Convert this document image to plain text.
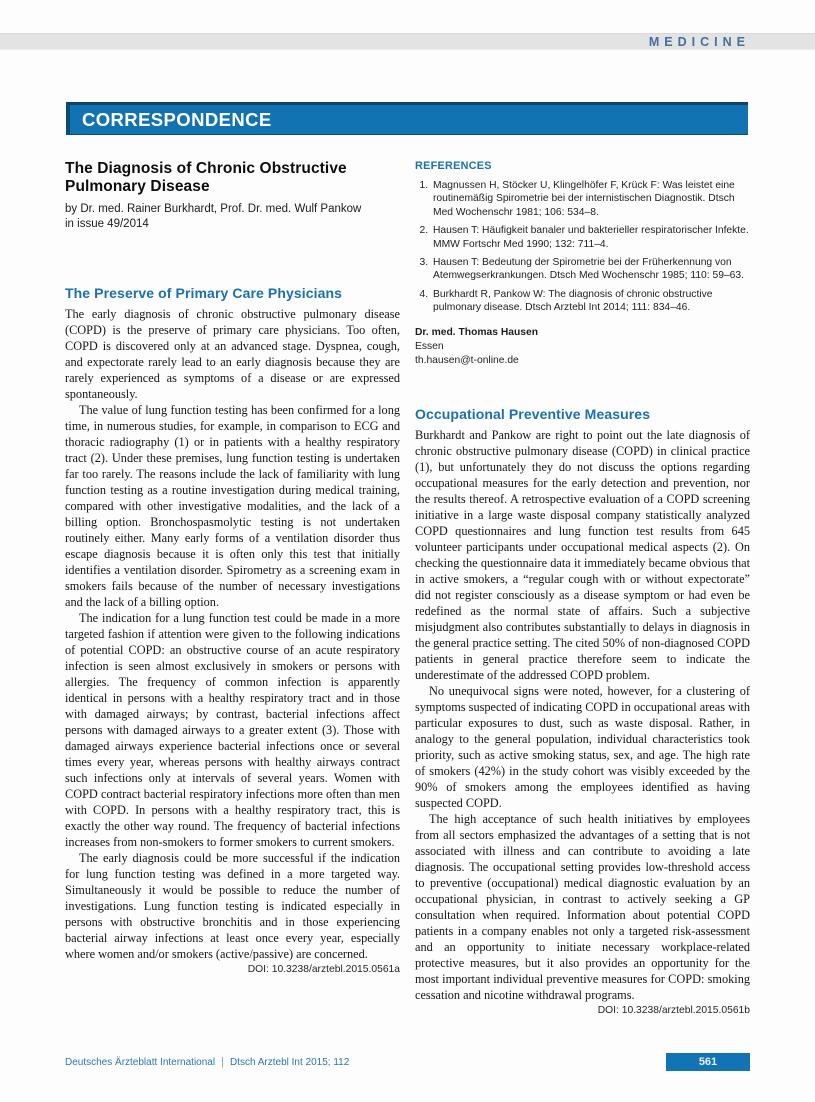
MEDICINE
CORRESPONDENCE
The Diagnosis of Chronic Obstructive Pulmonary Disease
by Dr. med. Rainer Burkhardt, Prof. Dr. med. Wulf Pankow
in issue 49/2014
The Preserve of Primary Care Physicians

The early diagnosis of chronic obstructive pulmonary disease (COPD) is the preserve of primary care physicians. Too often, COPD is discovered only at an advanced stage. Dyspnea, cough, and expectorate rarely lead to an early diagnosis because they are rarely experienced as symptoms of a disease or are expressed spontaneously.

The value of lung function testing has been confirmed for a long time, in numerous studies, for example, in comparison to ECG and thoracic radiography (1) or in patients with a healthy respiratory tract (2). Under these premises, lung function testing is undertaken far too rarely. The reasons include the lack of familiarity with lung function testing as a routine investigation during medical training, compared with other investigative modalities, and the lack of a billing option. Bronchospasmolytic testing is not undertaken routinely either. Many early forms of a ventilation disorder thus escape diagnosis because it is often only this test that initially identifies a ventilation disorder. Spirometry as a screening exam in smokers fails because of the number of necessary investigations and the lack of a billing option.

The indication for a lung function test could be made in a more targeted fashion if attention were given to the following indications of potential COPD: an obstructive course of an acute respiratory infection is seen almost exclusively in smokers or persons with allergies. The frequency of common infection is apparently identical in persons with a healthy respiratory tract and in those with damaged airways; by contrast, bacterial infections affect persons with damaged airways to a greater extent (3). Those with damaged airways experience bacterial infections once or several times every year, whereas persons with healthy airways contract such infections only at intervals of several years. Women with COPD contract bacterial respiratory infections more often than men with COPD. In persons with a healthy respiratory tract, this is exactly the other way round. The frequency of bacterial infections increases from non-smokers to former smokers to current smokers.

The early diagnosis could be more successful if the indication for lung function testing was defined in a more targeted way. Simultaneously it would be possible to reduce the number of investigations. Lung function testing is indicated especially in persons with obstructive bronchitis and in those experiencing bacterial airway infections at least once every year, especially where women and/or smokers (active/passive) are concerned.

DOI: 10.3238/arztebl.2015.0561a
REFERENCES
1. Magnussen H, Stöcker U, Klingelhöfer F, Krück F: Was leistet eine routinemäßig Spirometrie bei der internistischen Diagnostik. Dtsch Med Wochenschr 1981; 106: 534–8.
2. Hausen T: Häufigkeit banaler und bakterieller respiratorischer Infekte. MMW Fortschr Med 1990; 132: 711–4.
3. Hausen T: Bedeutung der Spirometrie bei der Früherkennung von Atemwegserkrankungen. Dtsch Med Wochenschr 1985; 110: 59–63.
4. Burkhardt R, Pankow W: The diagnosis of chronic obstructive pulmonary disease. Dtsch Arztebl Int 2014; 111: 834–46.
Dr. med. Thomas Hausen
Essen
th.hausen@t-online.de
Occupational Preventive Measures

Burkhardt and Pankow are right to point out the late diagnosis of chronic obstructive pulmonary disease (COPD) in clinical practice (1), but unfortunately they do not discuss the options regarding occupational measures for the early detection and prevention, nor the results thereof. A retrospective evaluation of a COPD screening initiative in a large waste disposal company statistically analyzed COPD questionnaires and lung function test results from 645 volunteer participants under occupational medical aspects (2). On checking the questionnaire data it immediately became obvious that in active smokers, a “regular cough with or without expectorate” did not register consciously as a disease symptom or had even be redefined as the normal state of affairs. Such a subjective misjudgment also contributes substantially to delays in diagnosis in the general practice setting. The cited 50% of non-diagnosed COPD patients in general practice therefore seem to indicate the underestimate of the addressed COPD problem.

No unequivocal signs were noted, however, for a clustering of symptoms suspected of indicating COPD in occupational areas with particular exposures to dust, such as waste disposal. Rather, in analogy to the general population, individual characteristics took priority, such as active smoking status, sex, and age. The high rate of smokers (42%) in the study cohort was visibly exceeded by the 90% of smokers among the employees identified as having suspected COPD.

The high acceptance of such health initiatives by employees from all sectors emphasized the advantages of a setting that is not associated with illness and can contribute to avoiding a late diagnosis. The occupational setting provides low-threshold access to preventive (occupational) medical diagnostic evaluation by an occupational physician, in contrast to actively seeking a GP consultation when required. Information about potential COPD patients in a company enables not only a targeted risk-assessment and an opportunity to initiate necessary workplace-related protective measures, but it also provides an opportunity for the most important individual preventive measures for COPD: smoking cessation and nicotine withdrawal programs.

DOI: 10.3238/arztebl.2015.0561b
Deutsches Ärzteblatt International | Dtsch Arztebl Int 2015; 112	561
